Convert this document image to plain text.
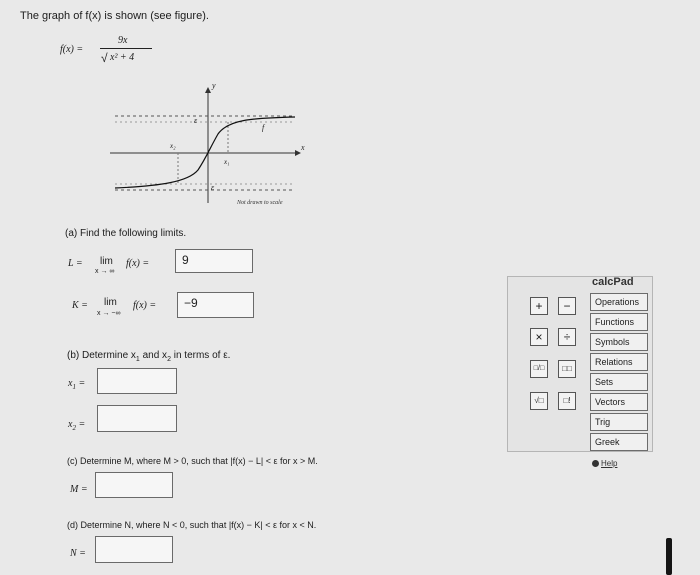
The graph of f(x) is shown (see figure).
f(x) =
9x
√ x² + 4
y
x
f
ε
ε
x₁
x₂
Not drawn to scale
(a) Find the following limits.
L = lim
x → ∞
f(x) =	9
K = lim
x → −∞
f(x) =	−9
(b) Determine $x_1$ and $x_2$ in terms of ε.
$x_1$ =
$x_2$ =
(c) Determine M, where M > 0, such that |f(x) − L| < ε for x > M.
M =
(d) Determine N, where N < 0, such that |f(x) − K| < ε for x < N.
N =
calcPad
+	−
×	÷
□/□	□□
√□	□!
Operations
Functions
Symbols
Relations
Sets
Vectors
Trig
Greek
Help
